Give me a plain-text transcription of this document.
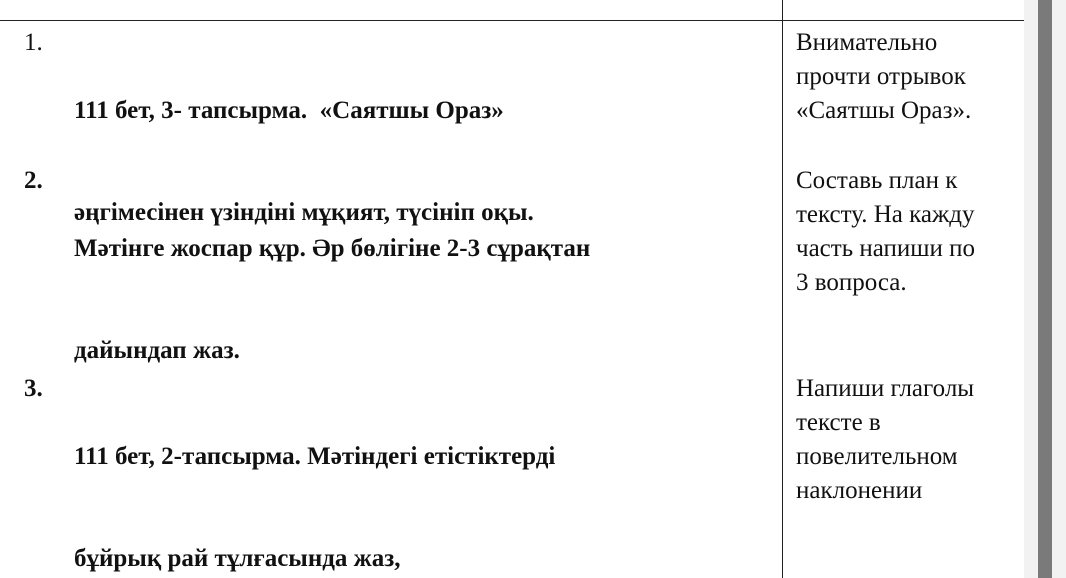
1.

111 бет, 3- тапсырма.  «Саятшы Ораз»

әңгімесінен үзіндіні мұқият, түсініп оқы.

Внимательно
прочти отрывок
«Саятшы Ораз».
2.

Мәтінге жоспар құр. Әр бөлігіне 2-3 сұрақтан

дайындап жаз.

Составь план к
тексту. На кажду
часть напиши по
3 вопроса.
3.

111 бет, 2-тапсырма. Мәтіндегі етістіктерді

бұйрық рай тұлғасында жаз,

Напиши глаголы
тексте в
повелительном
наклонении
